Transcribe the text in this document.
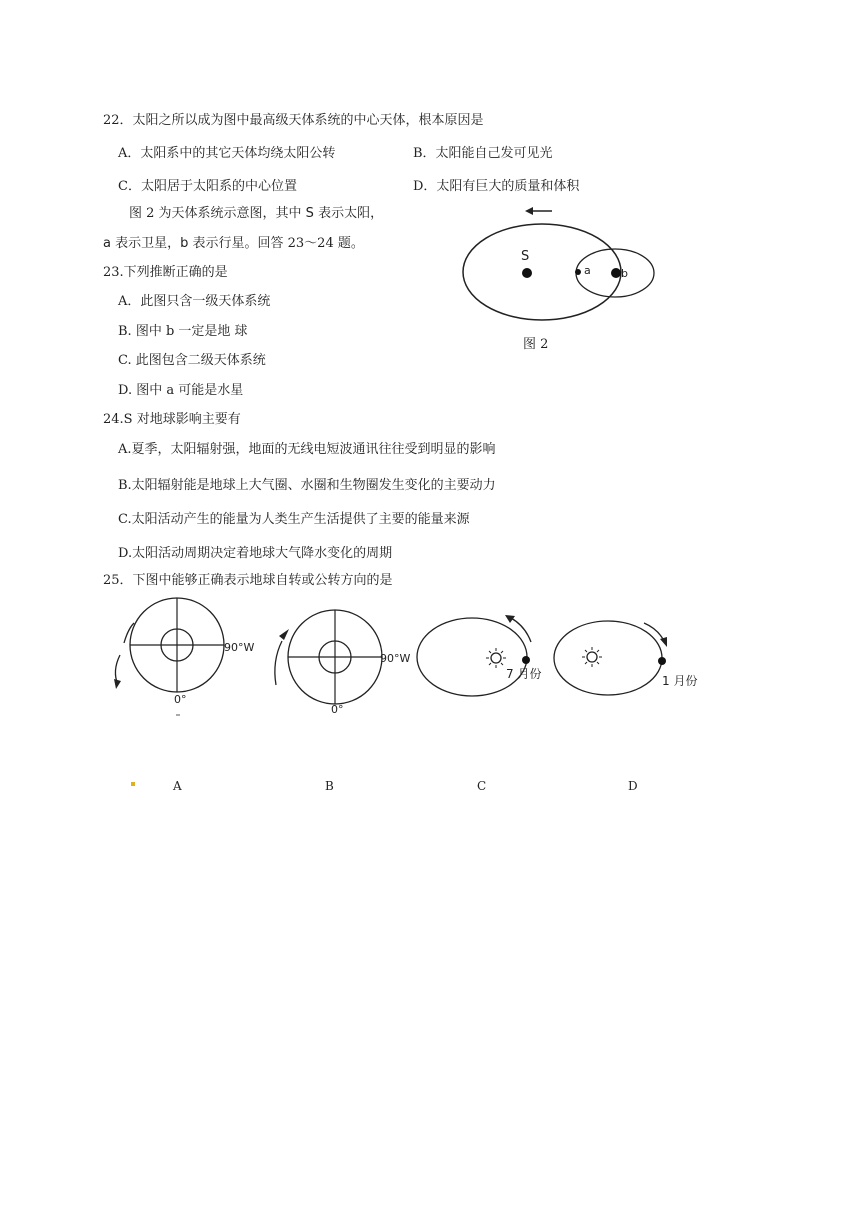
22．太阳之所以成为图中最高级天体系统的中心天体，根本原因是
A．太阳系中的其它天体均绕太阳公转	B．太阳能自己发可见光
C．太阳居于太阳系的中心位置	D．太阳有巨大的质量和体积
图 2 为天体系统示意图，其中 S 表示太阳，
a 表示卫星，b 表示行星。回答 23～24 题。
23.下列推断正确的是
A．此图只含一级天体系统
B. 图中 b 一定是地 球
C. 此图包含二级天体系统
D. 图中 a 可能是水星
S
a	b
图 2
24.S 对地球影响主要有
A.夏季，太阳辐射强，地面的无线电短波通讯往往受到明显的影响
B.太阳辐射能是地球上大气圈、水圈和生物圈发生变化的主要动力
C.太阳活动产生的能量为人类生产生活提供了主要的能量来源
D.太阳活动周期决定着地球大气降水变化的周期
25．下图中能够正确表示地球自转或公转方向的是
90°W
0°
90°W
0°
7 月份	1 月份
A	B	C	D
